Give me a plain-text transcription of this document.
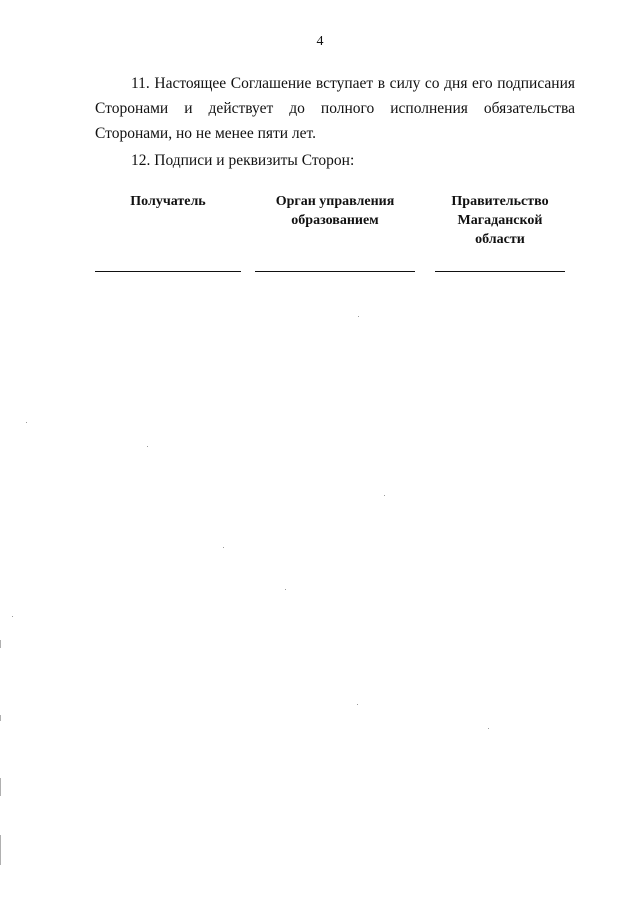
4

11. Настоящее Соглашение вступает в силу со дня его подписания Сторонами и действует до полного исполнения обязательства Сторонами, но не менее пяти лет.

12. Подписи и реквизиты Сторон:

Получатель	Орган управления образованием
Правительство Магаданской области
